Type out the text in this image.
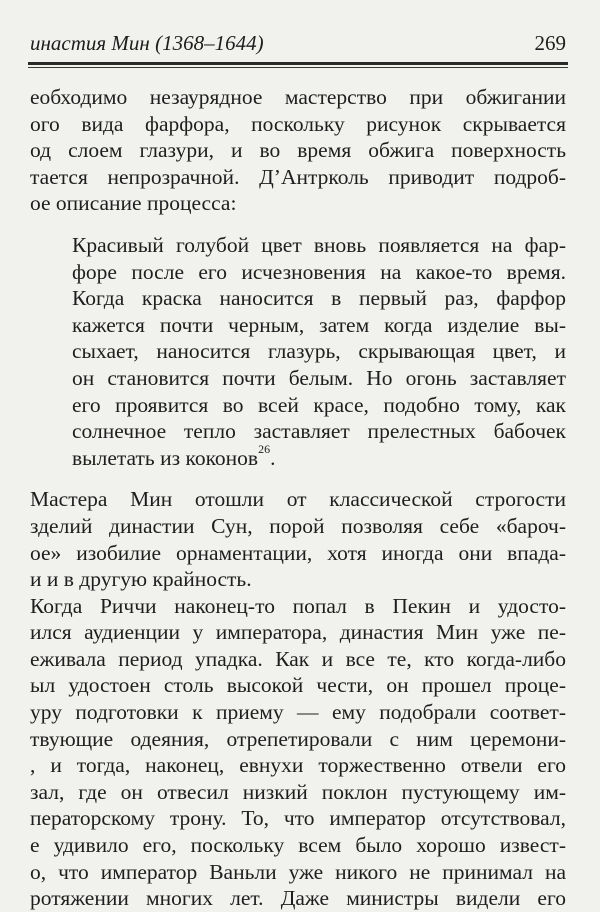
инастия Мин (1368–1644)	269

еобходимо незаурядное мастерство при обжигании
ого вида фарфора, поскольку рисунок скрывается
од слоем глазури, и во время обжига поверхность
тается непрозрачной. Д’Антрколь приводит подроб-
ое описание процесса:

Красивый голубой цвет вновь появляется на фар-
форе после его исчезновения на какое-то время.
Когда краска наносится в первый раз, фарфор
кажется почти черным, затем когда изделие вы-
сыхает, наносится глазурь, скрывающая цвет, и
он становится почти белым. Но огонь заставляет
его проявится во всей красе, подобно тому, как
солнечное тепло заставляет прелестных бабочек
вылетать из коконов$^{26}$.

Мастера Мин отошли от классической строгости
зделий династии Сун, порой позволяя себе «бароч-
ое» изобилие орнаментации, хотя иногда они впада-
и и в другую крайность.

Когда Риччи наконец-то попал в Пекин и удосто-
ился аудиенции у императора, династия Мин уже пе-
еживала период упадка. Как и все те, кто когда-либо
ыл удостоен столь высокой чести, он прошел проце-
уру подготовки к приему — ему подобрали соответ-
твующие одеяния, отрепетировали с ним церемони-
, и тогда, наконец, евнухи торжественно отвели его
зал, где он отвесил низкий поклон пустующему им-
ператорскому трону. То, что император отсутствовал,
е удивило его, поскольку всем было хорошо извест-
о, что император Ваньли уже никого не принимал на
ротяжении многих лет. Даже министры видели его
